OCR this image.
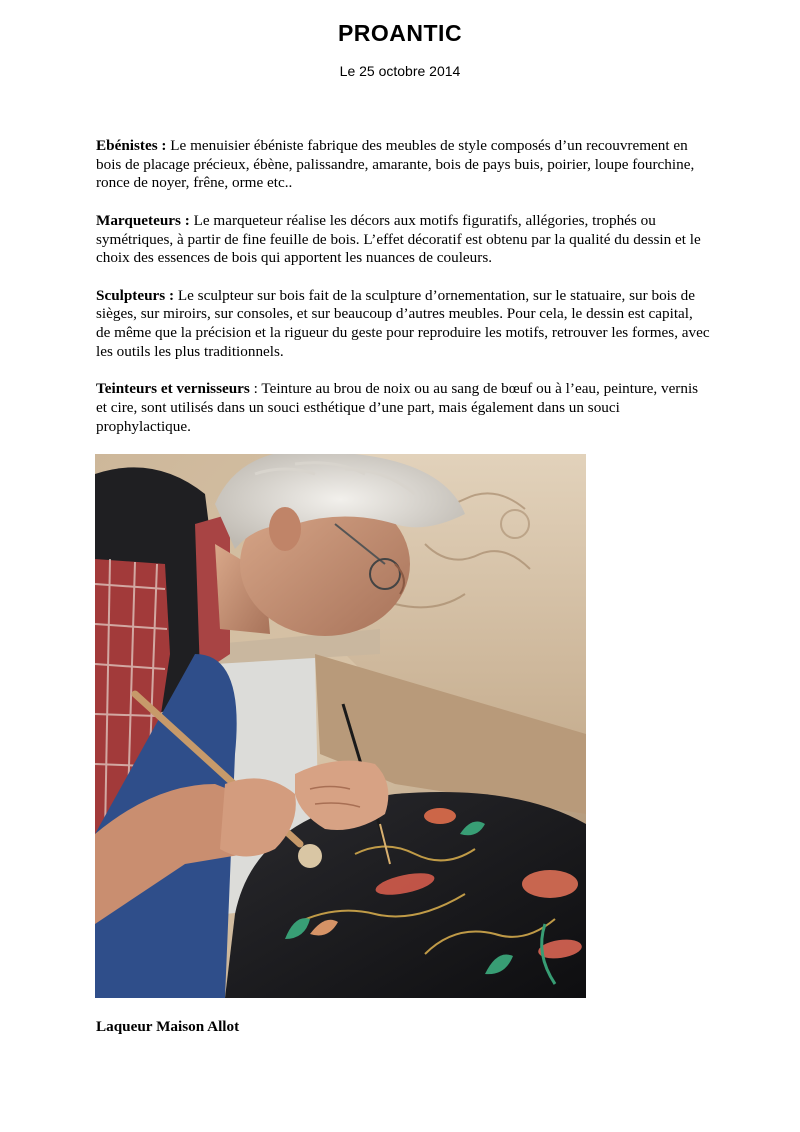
PROANTIC
Le 25 octobre 2014

Ebénistes : Le menuisier ébéniste fabrique des meubles de style composés d’un recouvrement en bois de placage précieux, ébène, palissandre, amarante, bois de pays buis, poirier, loupe fourchine, ronce de noyer, frêne, orme etc..

Marqueteurs : Le marqueteur réalise les décors aux motifs figuratifs, allégories, trophés ou symétriques, à partir de fine feuille de bois. L’effet décoratif est obtenu par la qualité du dessin et le choix des essences de bois qui apportent les nuances de couleurs.

Sculpteurs : Le sculpteur sur bois fait de la sculpture d’ornementation, sur le statuaire, sur bois de sièges, sur miroirs, sur consoles, et sur beaucoup d’autres meubles. Pour cela, le dessin est capital, de même que la précision et la rigueur du geste pour reproduire les motifs, retrouver les formes, avec les outils les plus traditionnels.

Teinteurs et vernisseurs : Teinture au brou de noix ou au sang de bœuf ou à l’eau, peinture, vernis et cire, sont utilisés dans un souci esthétique d’une part, mais également dans un souci prophylactique.

Laqueur Maison Allot
